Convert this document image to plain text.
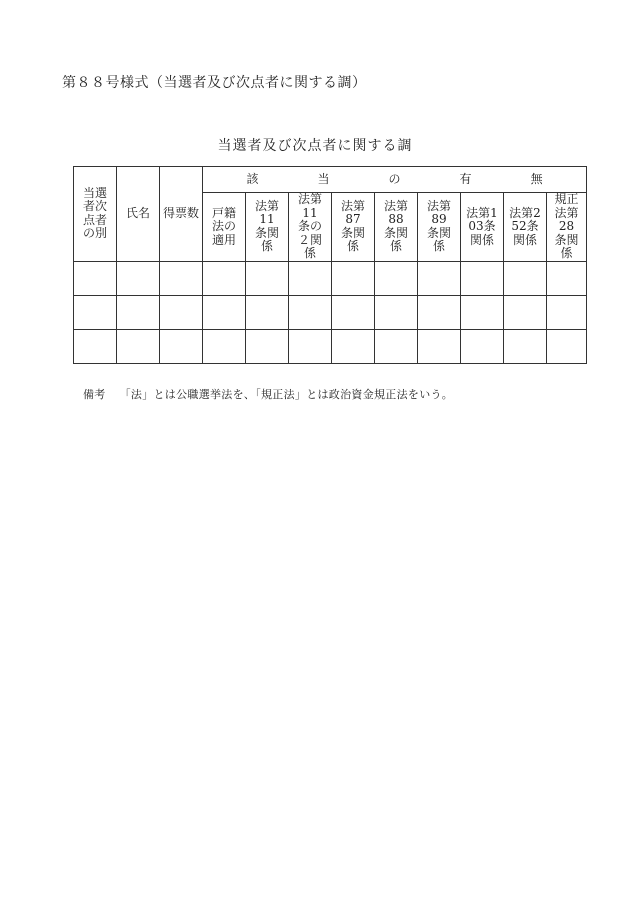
第８８号様式（当選者及び次点者に関する調）
当選者及び次点者に関する調
当選者次点者の別	氏名	得票数	該 当 の 有 無								

			戸籍法の適用	法第11条関係	法第11条の２関係	法第87条関係	法第88条関係	法第89条関係	法第103条関係	法第252条関係	規正法第28条関係

備考 「法」とは公職選挙法を、「規正法」とは政治資金規正法をいう。
